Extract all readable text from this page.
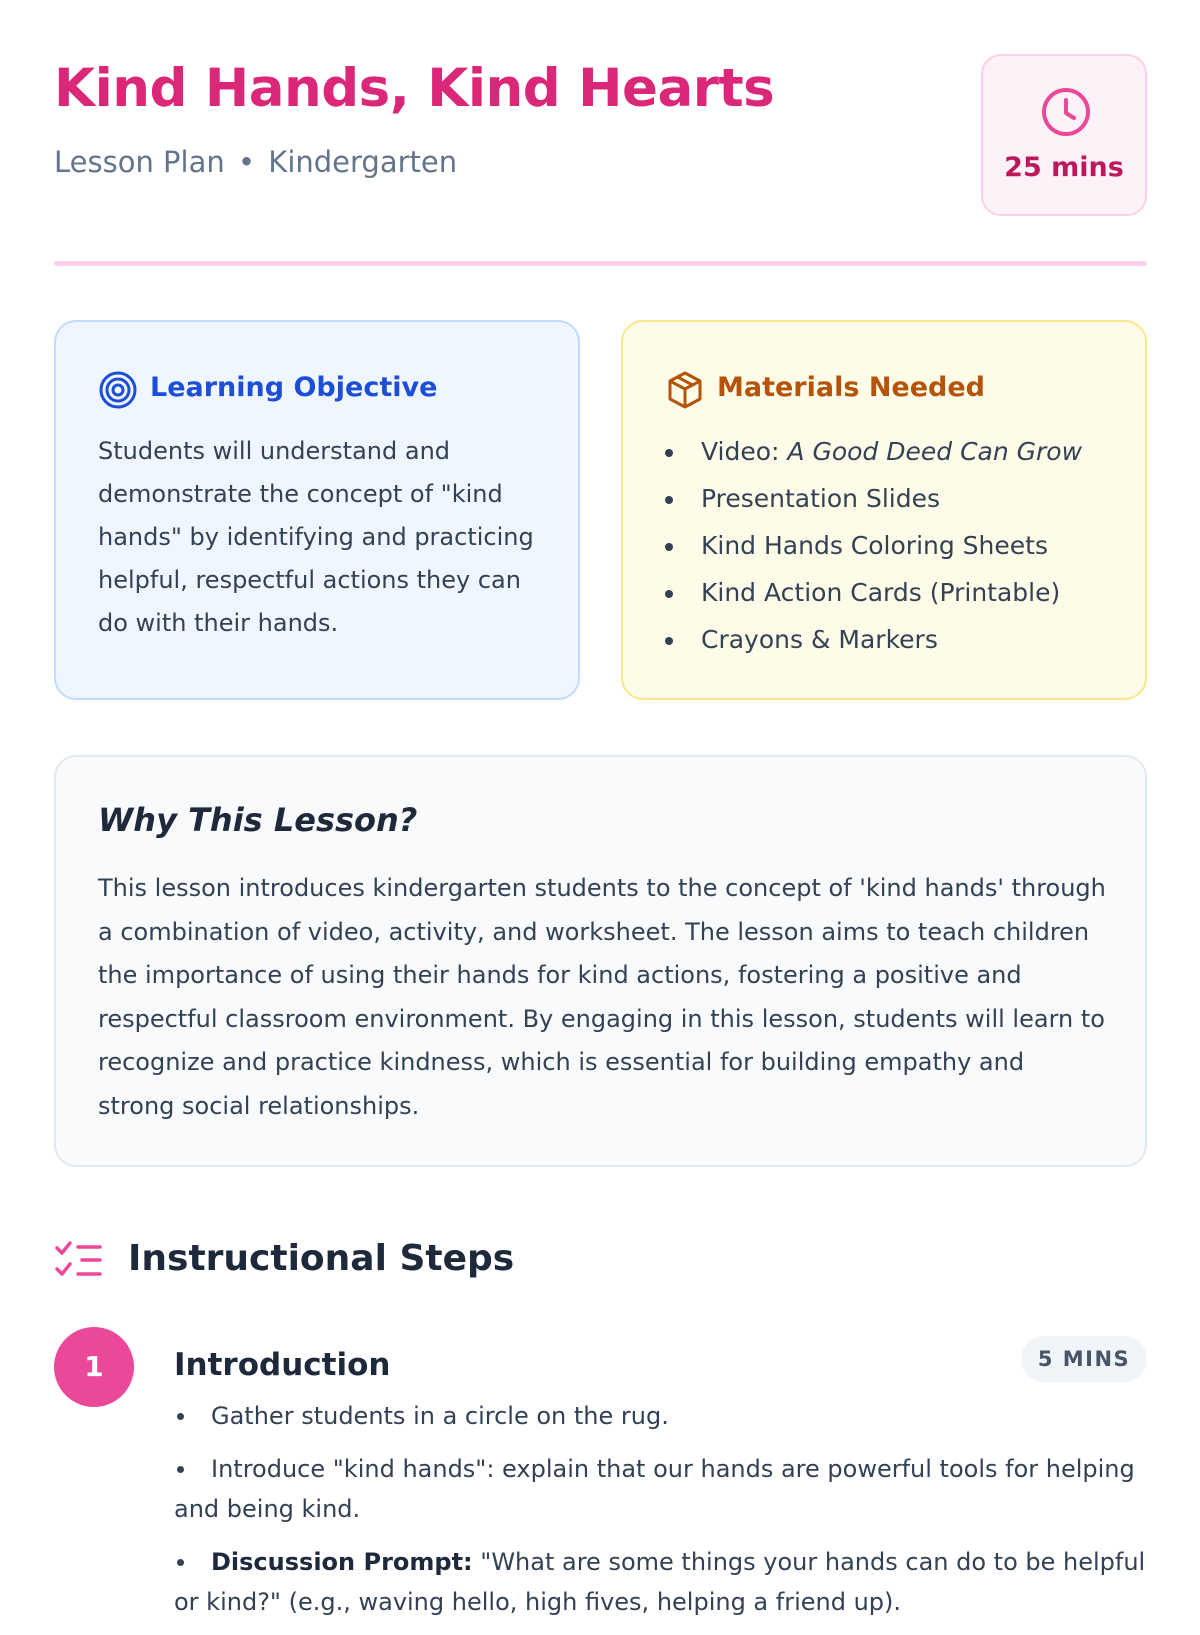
Kind Hands, Kind Hearts
Lesson Plan • Kindergarten	25 mins
Learning Objective

Students will understand and demonstrate the concept of "kind hands" by identifying and practicing helpful, respectful actions they can do with their hands.

Materials Needed
Video: A Good Deed Can Grow
Presentation Slides
Kind Hands Coloring Sheets
Kind Action Cards (Printable)
Crayons & Markers
Why This Lesson?

This lesson introduces kindergarten students to the concept of 'kind hands' through a combination of video, activity, and worksheet. The lesson aims to teach children the importance of using their hands for kind actions, fostering a positive and respectful classroom environment. By engaging in this lesson, students will learn to recognize and practice kindness, which is essential for building empathy and strong social relationships.

Instructional Steps
1	Introduction	5 MINS
Gather students in a circle on the rug.
Introduce "kind hands": explain that our hands are powerful tools for helping and being kind.
Discussion Prompt: "What are some things your hands can do to be helpful or kind?" (e.g., waving hello, high fives, helping a friend up).
